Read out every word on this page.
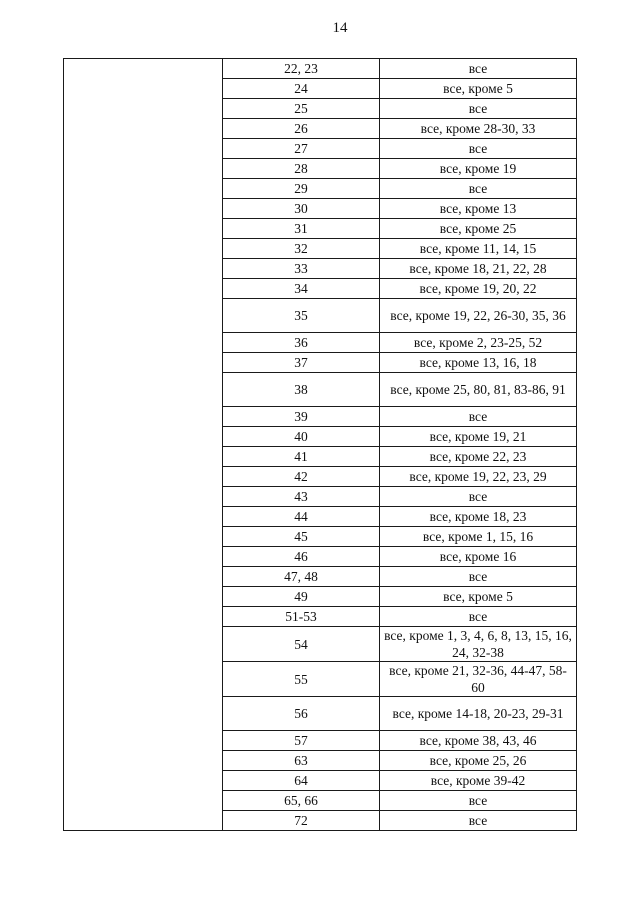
14
	22, 23	все
	24	все, кроме 5
	25	все
	26	все, кроме 28-30, 33
	27	все
	28	все, кроме 19
	29	все
	30	все, кроме 13
	31	все, кроме 25
	32	все, кроме 11, 14, 15
	33	все, кроме 18, 21, 22, 28
	34	все, кроме 19, 20, 22
	35	все, кроме 19, 22, 26-30, 35, 36
	36	все, кроме 2, 23-25, 52
	37	все, кроме 13, 16, 18
	38	все, кроме 25, 80, 81, 83-86, 91
	39	все
	40	все, кроме 19, 21
	41	все, кроме 22, 23
	42	все, кроме 19, 22, 23, 29
	43	все
	44	все, кроме 18, 23
	45	все, кроме 1, 15, 16
	46	все, кроме 16
	47, 48	все
	49	все, кроме 5
	51-53	все
	54	все, кроме 1, 3, 4, 6, 8, 13, 15, 16, 24, 32-38
	55	все, кроме 21, 32-36, 44-47, 58-60
	56	все, кроме 14-18, 20-23, 29-31
	57	все, кроме 38, 43, 46
	63	все, кроме 25, 26
	64	все, кроме 39-42
	65, 66	все
	72	все
